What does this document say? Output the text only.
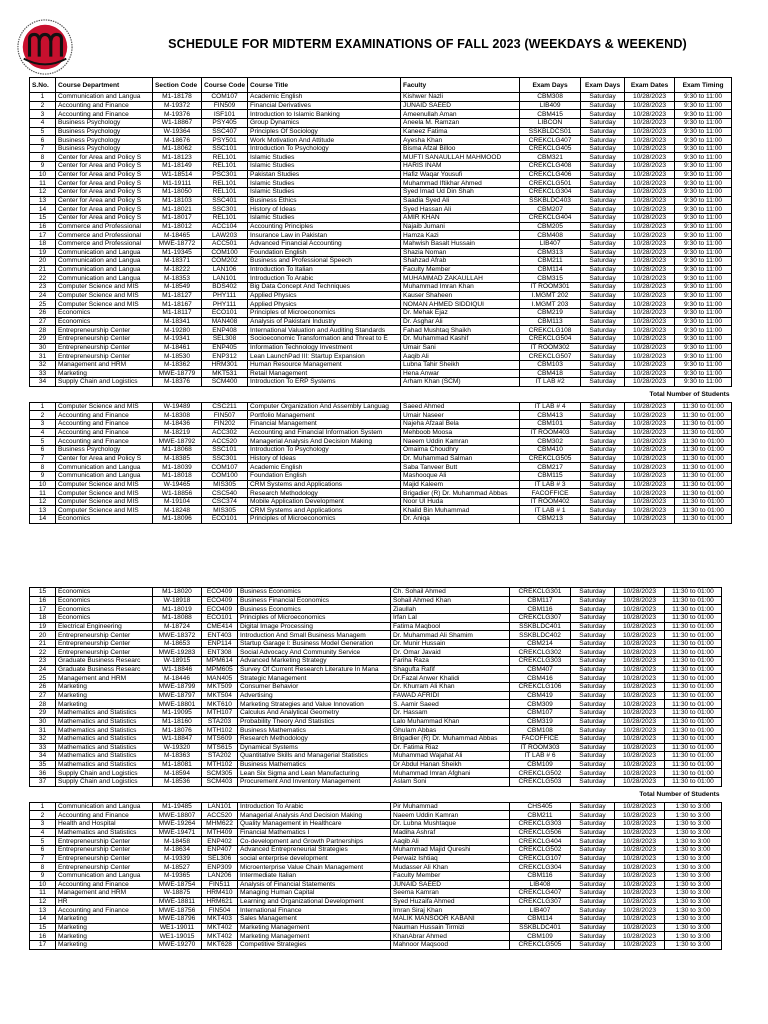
SCHEDULE FOR MIDTERM EXAMINATIONS OF FALL 2023 (WEEKDAYS & WEEKEND)
S.No.	Course Department	Section Code	Course Code	Course Title	Faculty	Exam Days	Exam Days	Exam Dates	Exam Timing
1	Communication and Langua	M1-18178	COM107	Academic English	Kishwer Nazli	CBM308	Saturday	10/28/2023	9:30 to 11:00
2	Accounting and Finance	M-19372	FIN509	Financial Derivatives	JUNAID SAEED	LIB409	Saturday	10/28/2023	9:30 to 11:00
3	Accounting and Finance	M-19376	ISF101	Introduction to Islamic Banking	Ameenullah Aman	CBM415	Saturday	10/28/2023	9:30 to 11:00
4	Business Psychology	W1-18867	PSY405	Group Dynamics	Aneela M. Ramzan	LIBCON	Saturday	10/28/2023	9:30 to 11:00
5	Business Psychology	W-19364	SSC407	Principles Of Sociology	Kaneez Fatima	SSKBLDCS01	Saturday	10/28/2023	9:30 to 11:00
6	Business Psychology	M-18676	PSY501	Work Motivation And Attitude	Ayesha Khan	CREKCLG407	Saturday	10/28/2023	9:30 to 11:00
7	Business Psychology	M1-18062	SSC101	Introduction To Psychology	Bisma Afzal Billoo	CREKCLG405	Saturday	10/28/2023	9:30 to 11:00
8	Center for Area and Policy S	M1-18123	REL101	Islamic Studies	MUFTI SANAULLAH MAHMOOD	CBM321	Saturday	10/28/2023	9:30 to 11:00
9	Center for Area and Policy S	M1-18149	REL101	Islamic Studies	HARIS INAM	CREKCLG408	Saturday	10/28/2023	9:30 to 11:00
10	Center for Area and Policy S	W1-18514	PSC301	Pakistan Studies	Hafiz Waqar Yousufi	CREKCLG406	Saturday	10/28/2023	9:30 to 11:00
11	Center for Area and Policy S	M1-19111	REL101	Islamic Studies	Muhammad Iftikhar Ahmed	CREKCLG501	Saturday	10/28/2023	9:30 to 11:00
12	Center for Area and Policy S	M1-18050	REL101	Islamic Studies	Syed Imad Ud Din Shah	CREKCLG304	Saturday	10/28/2023	9:30 to 11:00
13	Center for Area and Policy S	M1-18103	SSC401	Business Ethics	Saadia Syed Ali	SSKBLDC403	Saturday	10/28/2023	9:30 to 11:00
14	Center for Area and Policy S	M1-18021	SSC301	History of Ideas	Syed Hassan Ali	CBM207	Saturday	10/28/2023	9:30 to 11:00
15	Center for Area and Policy S	M1-18017	REL101	Islamic Studies	AMIR KHAN	CREKCLG404	Saturday	10/28/2023	9:30 to 11:00
16	Commerce and Professional	M1-18012	ACC104	Accounting Principles	Najaib Jumani	CBM205	Saturday	10/28/2023	9:30 to 11:00
17	Commerce and Professional	M-18465	LAW203	Insurance Law in Pakistan	Hamza Kazi	CBM408	Saturday	10/28/2023	9:30 to 11:00
18	Commerce and Professional	MWE-18772	ACC501	Advanced Financial Accounting	Mahwish Basalt Hussain	LIB407	Saturday	10/28/2023	9:30 to 11:00
19	Communication and Langua	M1-19345	COM100	Foundation English	Shazia Noman	CBM313	Saturday	10/28/2023	9:30 to 11:00
20	Communication and Langua	M-18371	COM202	Business and Professional Speech	Shahzad Afrab	CBM211	Saturday	10/28/2023	9:30 to 11:00
21	Communication and Langua	M-18222	LAN106	Introduction To Italian	Faculty Member	CBM114	Saturday	10/28/2023	9:30 to 11:00
22	Communication and Langua	M-18353	LAN101	Introduction To Arabic	MUHAMMAD ZAKAULLAH	CBM315	Saturday	10/28/2023	9:30 to 11:00
23	Computer Science and MIS	M-18549	BDS402	Big Data Concept And Techniques	Muhammad Imran Khan	IT ROOM301	Saturday	10/28/2023	9:30 to 11:00
24	Computer Science and MIS	M1-18127	PHY111	Applied Physics	Kauser Shaheen	I.MGMT 202	Saturday	10/28/2023	9:30 to 11:00
25	Computer Science and MIS	M1-18167	PHY111	Applied Physics	NOMAN AHMED SIDDIQUI	I.MGMT 203	Saturday	10/28/2023	9:30 to 11:00
26	Economics	M1-18117	ECO101	Principles of Microeconomics	Dr. Mehak Ejaz	CBM219	Saturday	10/28/2023	9:30 to 11:00
27	Economics	M-18341	MAN408	Analysis of Pakistani Industry	Dr. Asghar Ali	CBM113	Saturday	10/28/2023	9:30 to 11:00
28	Entrepreneurship Center	M-19280	ENP408	International Valuation and Auditing Standards	Fahad Mushtaq Shaikh	CREKCLG108	Saturday	10/28/2023	9:30 to 11:00
29	Entrepreneurship Center	M-19341	SEL308	Socioeconomic Transformation and Threat to E	Dr. Muhammad Kashif	CREKCLG504	Saturday	10/28/2023	9:30 to 11:00
30	Entrepreneurship Center	M-18461	ENP405	Information Technology Investment	Umair Sani	IT ROOM302	Saturday	10/28/2023	9:30 to 11:00
31	Entrepreneurship Center	M-18530	ENP312	Lean LaunchPad III: Startup Expansion	Aaqib Ali	CREKCLG507	Saturday	10/28/2023	9:30 to 11:00
32	Management and HRM	M-18362	HRM301	Human Resource Management	Lubna Tahir Sheikh	CBM103	Saturday	10/28/2023	9:30 to 11:00
33	Marketing	MWE-18779	MKT531	Retail Management	Hena Anwar	CBM418	Saturday	10/28/2023	9:30 to 11:00
34	Supply Chain and Logistics	M-18376	SCM400	Introduction To ERP Systems	Arham Khan (SCM)	IT LAB #2	Saturday	10/28/2023	9:30 to 11:00
Total Number of Students									
1	Computer Science and MIS	W-19489	CSC211	Computer Organization And Assembly Languag	Saeed Ahmed	IT LAB # 4	Saturday	10/28/2023	11:30 to 01:00
2	Accounting and Finance	M-18308	FIN507	Portfolio Management	Umair Naseer	CBM413	Saturday	10/28/2023	11:30 to 01:00
3	Accounting and Finance	M-18436	FIN202	Financial Management	Najeha Afzaal Bela	CBM101	Saturday	10/28/2023	11:30 to 01:00
4	Accounting and Finance	M-18219	ACC302	Accounting and Financial Information System	Mehboob Moosa	IT ROOM403	Saturday	10/28/2023	11:30 to 01:00
5	Accounting and Finance	MWE-18792	ACC520	Managerial Analysis And Decision Making	Naeem Uddin Kamran	CBM302	Saturday	10/28/2023	11:30 to 01:00
6	Business Psychology	M1-18068	SSC101	Introduction To Psychology	Omaima Choudhry	CBM410	Saturday	10/28/2023	11:30 to 01:00
7	Center for Area and Policy S	M-18385	SSC301	History of Ideas	Dr. Muhammad Salman	CREKCLG505	Saturday	10/28/2023	11:30 to 01:00
8	Communication and Langua	M1-18039	COM107	Academic English	Saba Tanveer Butt	CBM217	Saturday	10/28/2023	11:30 to 01:00
9	Communication and Langua	M1-18018	COM100	Foundation English	Mashooque Ali	CBM115	Saturday	10/28/2023	11:30 to 01:00
10	Computer Science and MIS	W-19465	MIS305	CRM Systems and Applications	Majid Kaleem	IT LAB # 3	Saturday	10/28/2023	11:30 to 01:00
11	Computer Science and MIS	W1-18856	CSC540	Research Methodology	Brigadier (R) Dr. Muhammad Abbas	FACOFFICE	Saturday	10/28/2023	11:30 to 01:00
12	Computer Science and MIS	M-19104	CSC374	Mobile Application Development	Noor Ul Huda	IT ROOM402	Saturday	10/28/2023	11:30 to 01:00
13	Computer Science and MIS	M-18248	MIS305	CRM Systems and Applications	Khalid Bin Muhammad	IT LAB # 1	Saturday	10/28/2023	11:30 to 01:00
14	Economics	M1-18096	ECO101	Principles of Microeconomics	Dr. Aniqa	CBM213	Saturday	10/28/2023	11:30 to 01:00
15	Economics	M1-18020	ECO409	Business Economics	Ch. Sohail Ahmed	CREKCLG301	Saturday	10/28/2023	11:30 to 01:00
16	Economics	W-18918	ECO409	Business Financial Economics	Sohail Ahmed Khan	CBM117	Saturday	10/28/2023	11:30 to 01:00
17	Economics	M1-18019	ECO409	Business Economics	Ziaullah	CBM116	Saturday	10/28/2023	11:30 to 01:00
18	Economics	M1-18088	ECO101	Principles of Microeconomics	Irfan Lal	CREKCLG307	Saturday	10/28/2023	11:30 to 01:00
19	Electrical Engineering	M-18724	CME414	Digital Image Processing	Fatima Maqbool	SSKBLDC401	Saturday	10/28/2023	11:30 to 01:00
20	Entrepreneurship Center	MWE-18372	ENT403	Introduction And Small Business Managem	Dr. Muhammad Ali Shamim	SSKBLDC402	Saturday	10/28/2023	11:30 to 01:00
21	Entrepreneurship Center	M-18653	ENP114	Startup Garage I: Business Model Generation	Dr. Munir Hussain	CBM214	Saturday	10/28/2023	11:30 to 01:00
22	Entrepreneurship Center	MWE-19283	ENT308	Social Advocacy And Community Service	Dr. Omar Javaid	CREKCLG302	Saturday	10/28/2023	11:30 to 01:00
23	Graduate Business Researc	W-18915	MPM614	Advanced Marketing Strategy	Fariha Raza	CREKCLG303	Saturday	10/28/2023	11:30 to 01:00
24	Graduate Business Researc	W1-18846	MPM605	Survey Of Current Research Literature In Mana	Shagufta Rafif	CBM407	Saturday	10/28/2023	11:30 to 01:00
25	Management and HRM	M-18446	MAN405	Strategic Management	Dr.Fazal Anwer Khalidi	CBM416	Saturday	10/28/2023	11:30 to 01:00
26	Marketing	MWE-18799	MKT509	Consumer Behavior	Dr. Khurram Ali Khan	CREKCLG106	Saturday	10/28/2023	11:30 to 01:00
27	Marketing	MWE-18797	MKT504	Advertising	FAWAD AFRIDI	CBM419	Saturday	10/28/2023	11:30 to 01:00
28	Marketing	MWE-18801	MKT610	Marketing Strategies and Value Innovation	S. Aamir Saeed	CBM309	Saturday	10/28/2023	11:30 to 01:00
29	Mathematics and Statistics	M1-19095	MTH107	Calculus And Analytical Geometry	Dr. Hassam	CBM107	Saturday	10/28/2023	11:30 to 01:00
30	Mathematics and Statistics	M1-18160	STA203	Probability Theory And Statistics	Lalo Muhammad Khan	CBM319	Saturday	10/28/2023	11:30 to 01:00
31	Mathematics and Statistics	M1-18076	MTH102	Business Mathematics	Ghulam Abbas	CBM108	Saturday	10/28/2023	11:30 to 01:00
32	Mathematics and Statistics	W1-18847	MTS609	Research Methodology	Brigadier (R) Dr. Muhammad Abbas	FACOFFICE	Saturday	10/28/2023	11:30 to 01:00
33	Mathematics and Statistics	W-19320	MTS615	Dynamical Systems	Dr. Fatima Riaz	IT ROOM303	Saturday	10/28/2023	11:30 to 01:00
34	Mathematics and Statistics	M-18363	STA202	Quantitative Skills and Managerial Statistics	Muhammad Wajahat Ali	IT LAB # 6	Saturday	10/28/2023	11:30 to 01:00
35	Mathematics and Statistics	M1-18081	MTH102	Business Mathematics	Dr Abdul Hanan Sheikh	CBM109	Saturday	10/28/2023	11:30 to 01:00
36	Supply Chain and Logistics	M-18594	SCM305	Lean Six Sigma and Lean Manufacturing	Muhammad Imran Afghani	CREKCLG502	Saturday	10/28/2023	11:30 to 01:00
37	Supply Chain and Logistics	M-18536	SCM403	Procurement And Inventory Management	Aslam Soni	CREKCLG503	Saturday	10/28/2023	11:30 to 01:00
Total Number of Students									
1	Communication and Langua	M1-19485	LAN101	Introduction To Arabic	Pir Muhammad	CHS405	Saturday	10/28/2023	1:30 to 3:00
2	Accounting and Finance	MWE-18807	ACC520	Managerial Analysis And Decision Making	Naeem Uddin Kamran	CBM211	Saturday	10/28/2023	1:30 to 3:00
3	Health and Hospital	MWE-19264	MHM622	Quality Management in Healthcare	Dr. Lubna Mushtaque	CREKCLG303	Saturday	10/28/2023	1:30 to 3:00
4	Mathematics and Statistics	MWE-19471	MTH409	Financial Mathematics I	Madiha Ashraf	CREKCLG506	Saturday	10/28/2023	1:30 to 3:00
5	Entrepreneurship Center	M-18458	ENP402	Co-development and Growth Partnerships	Aaqib Ali	CREKCLG404	Saturday	10/28/2023	1:30 to 3:00
6	Entrepreneurship Center	M-18634	ENP407	Advanced Entrepreneurial Strategies	Muhammad Majid Qureshi	CREKCLG502	Saturday	10/28/2023	1:30 to 3:00
7	Entrepreneurship Center	M-19339	SEL306	social enterprise development	Perwaiz Ishtiaq	CREKCLG107	Saturday	10/28/2023	1:30 to 3:00
8	Entrepreneurship Center	M-18527	ENP309	Microenterprise Value Chain Management	Mudasser Ali Khan	CREKCLG304	Saturday	10/28/2023	1:30 to 3:00
9	Communication and Langua	M-19365	LAN206	Intermediate Italian	Faculty Member	CBM116	Saturday	10/28/2023	1:30 to 3:00
10	Accounting and Finance	MWE-18754	FIN511	Analysis of Financial Statements	JUNAID SAEED	LIB408	Saturday	10/28/2023	1:30 to 3:00
11	Management and HRM	W-18875	HRM410	Managing Human Capital	Seema Kamran	CREKCLG407	Saturday	10/28/2023	1:30 to 3:00
12	HR	MWE-18811	HRM621	Learning and Organizational Development	Syed Huzaifa Ahmed	CREKCLG307	Saturday	10/28/2023	1:30 to 3:00
13	Accounting and Finance	MWE-18756	FIN504	International Finance	Imran Siraj Khan	LIB407	Saturday	10/28/2023	1:30 to 3:00
14	Marketing	MWE-18796	MKT403	Sales Management	MALIK MANSOOR KABANI	CBM114	Saturday	10/28/2023	1:30 to 3:00
15	Marketing	WE1-19011	MKT402	Marketing Management	Nauman Hussain Tirmizi	SSKBLDC401	Saturday	10/28/2023	1:30 to 3:00
16	Marketing	WE1-19015	MKT402	Marketing Management	KhanAbrar Ahmed	CBM109	Saturday	10/28/2023	1:30 to 3:00
17	Marketing	MWE-19270	MKT628	Competitive Strategies	Mahnoor Maqsood	CREKCLG505	Saturday	10/28/2023	1:30 to 3:00
